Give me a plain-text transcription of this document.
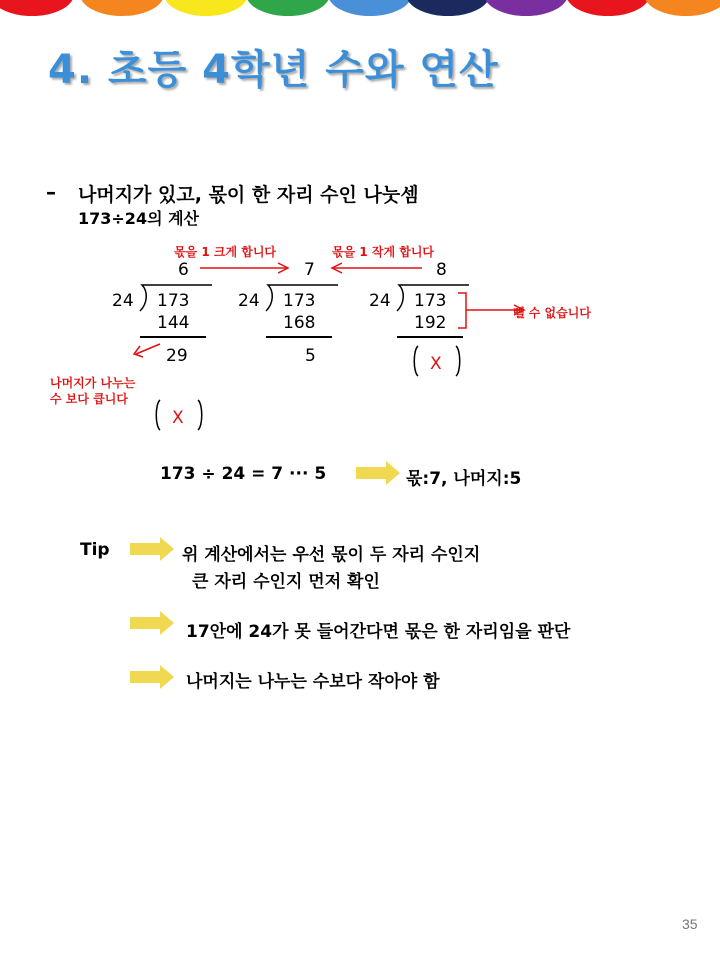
4. 초등 4학년 수와 연산
– 나머지가 있고, 몫이 한 자리 수인 나눗셈
173÷24의 계산
몫을 1 크게 합니다	몫을 1 작게 합니다
6
24 173
144
29
7
24 173
168
5
8
24 173
192	뺄 수 없습니다
X
나머지가 나누는
수 보다 큽니다
X
173 ÷ 24 = 7 ··· 5	몫:7, 나머지:5
Tip	위 계산에서는 우선 몫이 두 자리 수인지
큰 자리 수인지 먼저 확인
17안에 24가 못 들어간다면 몫은 한 자리임을 판단
나머지는 나누는 수보다 작아야 함
35
